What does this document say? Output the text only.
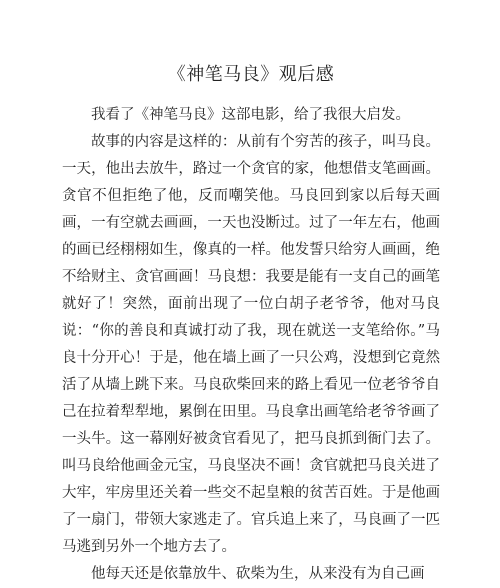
《神笔马良》观后感

我看了《神笔马良》这部电影，给了我很大启发。

故事的内容是这样的：从前有个穷苦的孩子，叫马良。一天，他出去放牛，路过一个贪官的家，他想借支笔画画。贪官不但拒绝了他，反而嘲笑他。马良回到家以后每天画画，一有空就去画画，一天也没断过。过了一年左右，他画的画已经栩栩如生，像真的一样。他发誓只给穷人画画，绝不给财主、贪官画画！马良想：我要是能有一支自己的画笔就好了！突然，面前出现了一位白胡子老爷爷，他对马良说：“你的善良和真诚打动了我，现在就送一支笔给你。”马良十分开心！于是，他在墙上画了一只公鸡，没想到它竟然活了从墙上跳下来。马良砍柴回来的路上看见一位老爷爷自己在拉着犁犁地，累倒在田里。马良拿出画笔给老爷爷画了一头牛。这一幕刚好被贪官看见了，把马良抓到衙门去了。叫马良给他画金元宝，马良坚决不画！贪官就把马良关进了大牢，牢房里还关着一些交不起皇粮的贫苦百姓。于是他画了一扇门，带领大家逃走了。官兵追上来了，马良画了一匹马逃到另外一个地方去了。

他每天还是依靠放牛、砍柴为生，从来没有为自己画
